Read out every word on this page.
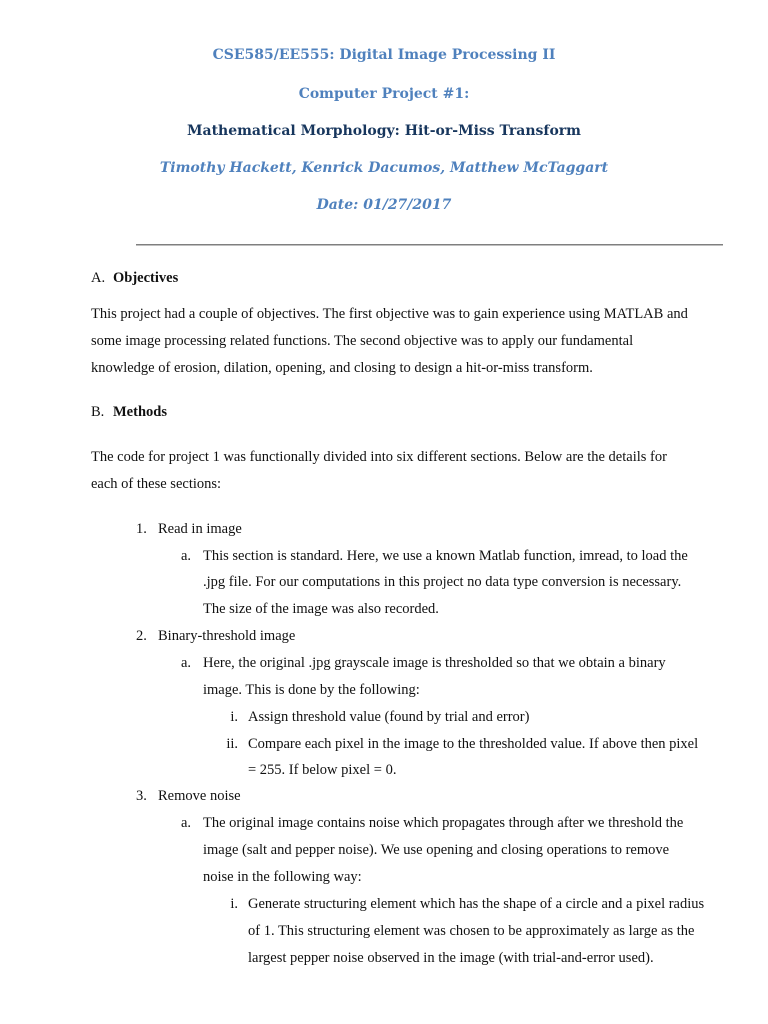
CSE585/EE555: Digital Image Processing II
Computer Project #1:
Mathematical Morphology: Hit-or-Miss Transform
Timothy Hackett, Kenrick Dacumos, Matthew McTaggart
Date: 01/27/2017
A. Objectives
This project had a couple of objectives. The first objective was to gain experience using MATLAB and
some image processing related functions. The second objective was to apply our fundamental
knowledge of erosion, dilation, opening, and closing to design a hit-or-miss transform.
B. Methods
The code for project 1 was functionally divided into six different sections. Below are the details for
each of these sections:
1. Read in image
a. This section is standard. Here, we use a known Matlab function, imread, to load the
.jpg file. For our computations in this project no data type conversion is necessary.
The size of the image was also recorded.
2. Binary-threshold image
a. Here, the original .jpg grayscale image is thresholded so that we obtain a binary
image. This is done by the following:
i. Assign threshold value (found by trial and error)
ii. Compare each pixel in the image to the thresholded value. If above then pixel
= 255. If below pixel = 0.
3. Remove noise
a. The original image contains noise which propagates through after we threshold the
image (salt and pepper noise). We use opening and closing operations to remove
noise in the following way:
i. Generate structuring element which has the shape of a circle and a pixel radius
of 1. This structuring element was chosen to be approximately as large as the
largest pepper noise observed in the image (with trial-and-error used).
